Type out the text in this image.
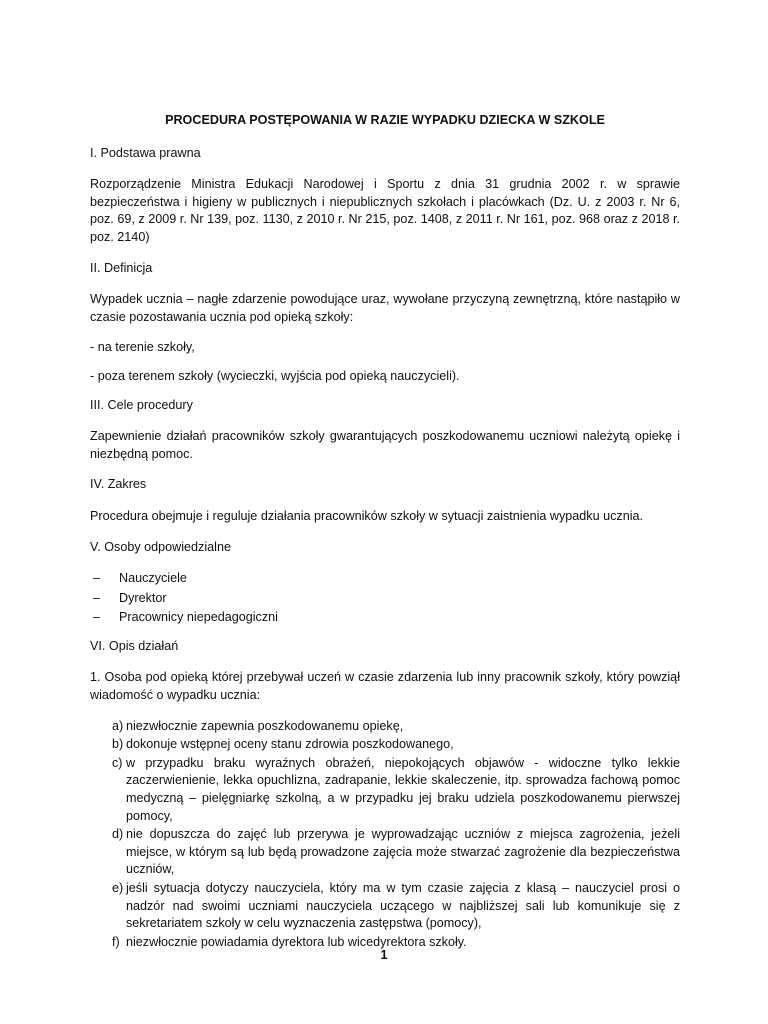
PROCEDURA POSTĘPOWANIA W RAZIE WYPADKU DZIECKA W SZKOLE

I. Podstawa prawna

Rozporządzenie Ministra Edukacji Narodowej i Sportu z dnia 31 grudnia 2002 r. w sprawie bezpieczeństwa i higieny w publicznych i niepublicznych szkołach i placówkach (Dz. U. z 2003 r. Nr 6, poz. 69, z 2009 r. Nr 139, poz. 1130, z 2010 r. Nr 215, poz. 1408, z 2011 r. Nr 161, poz. 968 oraz z 2018 r. poz. 2140)

II. Definicja

Wypadek ucznia – nagłe zdarzenie powodujące uraz, wywołane przyczyną zewnętrzną, które nastąpiło w czasie pozostawania ucznia pod opieką szkoły:

- na terenie szkoły,

- poza terenem szkoły (wycieczki, wyjścia pod opieką nauczycieli).

III. Cele procedury

Zapewnienie działań pracowników szkoły gwarantujących poszkodowanemu uczniowi należytą opiekę i niezbędną pomoc.

IV. Zakres

Procedura obejmuje i reguluje działania pracowników szkoły w sytuacji zaistnienia wypadku ucznia.

V. Osoby odpowiedzialne

– Nauczyciele
– Dyrektor
– Pracownicy niepedagogiczni

VI. Opis działań

1. Osoba pod opieką której przebywał uczeń w czasie zdarzenia lub inny pracownik szkoły, który powziął wiadomość o wypadku ucznia:

a) niezwłocznie zapewnia poszkodowanemu opiekę,
b) dokonuje wstępnej oceny stanu zdrowia poszkodowanego,
c) w przypadku braku wyraźnych obrażeń, niepokojących objawów - widoczne tylko lekkie zaczerwienienie, lekka opuchlizna, zadrapanie, lekkie skaleczenie, itp. sprowadza fachową pomoc medyczną – pielęgniarkę szkolną, a w przypadku jej braku udziela poszkodowanemu pierwszej pomocy,
d) nie dopuszcza do zajęć lub przerywa je wyprowadzając uczniów z miejsca zagrożenia, jeżeli miejsce, w którym są lub będą prowadzone zajęcia może stwarzać zagrożenie dla bezpieczeństwa uczniów,
e) jeśli sytuacja dotyczy nauczyciela, który ma w tym czasie zajęcia z klasą – nauczyciel prosi o nadzór nad swoimi uczniami nauczyciela uczącego w najbliższej sali lub komunikuje się z sekretariatem szkoły w celu wyznaczenia zastępstwa (pomocy),
f) niezwłocznie powiadamia dyrektora lub wicedyrektora szkoły.
1
